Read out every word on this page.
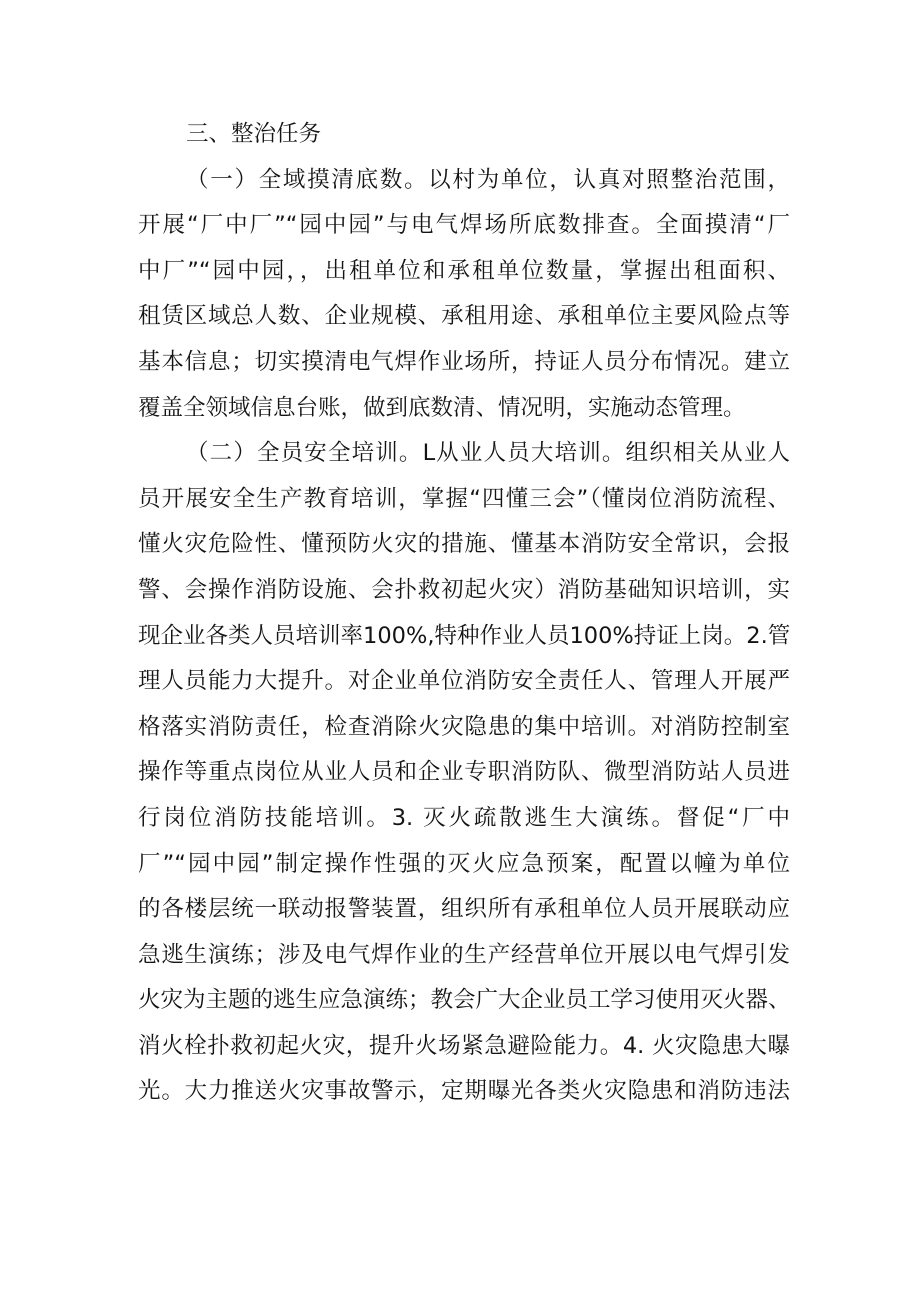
三、整治任务
（一）全域摸清底数。以村为单位，认真对照整治范围，
开展“厂中厂”“园中园”与电气焊场所底数排查。全面摸清“厂
中厂”“园中园，，出租单位和承租单位数量，掌握出租面积、
租赁区域总人数、企业规模、承租用途、承租单位主要风险点等
基本信息；切实摸清电气焊作业场所，持证人员分布情况。建立
覆盖全领域信息台账，做到底数清、情况明，实施动态管理。
（二）全员安全培训。L从业人员大培训。组织相关从业人
员开展安全生产教育培训，掌握“四懂三会”（懂岗位消防流程、
懂火灾危险性、懂预防火灾的措施、懂基本消防安全常识，会报
警、会操作消防设施、会扑救初起火灾）消防基础知识培训，实
现企业各类人员培训率100%,特种作业人员100%持证上岗。2.管
理人员能力大提升。对企业单位消防安全责任人、管理人开展严
格落实消防责任，检查消除火灾隐患的集中培训。对消防控制室
操作等重点岗位从业人员和企业专职消防队、微型消防站人员进
行岗位消防技能培训。3. 灭火疏散逃生大演练。督促“厂中
厂”“园中园”制定操作性强的灭火应急预案，配置以幢为单位
的各楼层统一联动报警装置，组织所有承租单位人员开展联动应
急逃生演练；涉及电气焊作业的生产经营单位开展以电气焊引发
火灾为主题的逃生应急演练；教会广大企业员工学习使用灭火器、
消火栓扑救初起火灾，提升火场紧急避险能力。4. 火灾隐患大曝
光。大力推送火灾事故警示，定期曝光各类火灾隐患和消防违法
